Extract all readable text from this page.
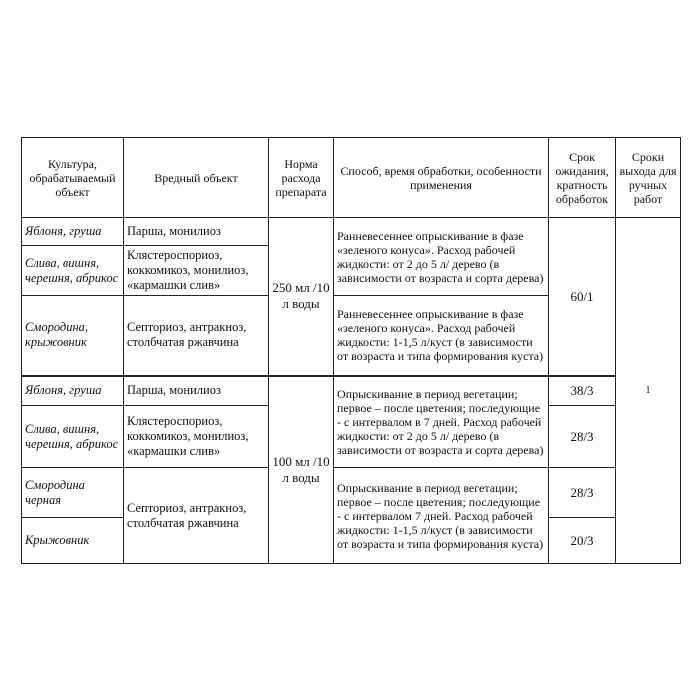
Культура, обрабатываемый объект	Вредный объект	Норма расхода препарата	Способ, время обработки, особенности применения	Срок ожидания, кратность обработок	Сроки выхода для ручных работ
Яблоня, груша	Парша, монилиоз	250 мл /10 л воды	Ранневесеннее опрыскивание в фазе «зеленого конуса». Расход рабочей жидкости: от 2 до 5 л/ дерево (в зависимости от возраста и сорта дерева)	60/1	1
Слива, вишня, черешня, абрикос	Клястероспориоз, коккомикоз, монилиоз, «кармашки слив»				
Смородина, крыжовник	Септориоз, антракноз, столбчатая ржавчина		Ранневесеннее опрыскивание в фазе «зеленого конуса». Расход рабочей жидкости: 1-1,5 л/куст (в зависимости от возраста и типа формирования куста)		
Яблоня, груша	Парша, монилиоз	100 мл /10 л воды	Опрыскивание в период вегетации; первое – после цветения; последующие - с интервалом в 7 дней. Расход рабочей жидкости: от 2 до 5 л/ дерево (в зависимости от возраста и сорта дерева)	38/3	
Слива, вишня, черешня, абрикос	Клястероспориоз, коккомикоз, монилиоз, «кармашки слив»			28/3	
Смородина черная	Септориоз, антракноз, столбчатая ржавчина		Опрыскивание в период вегетации; первое – после цветения; последующие - с интервалом 7 дней. Расход рабочей жидкости: 1-1,5 л/куст (в зависимости от возраста и типа формирования куста)	28/3	
Крыжовник				20/3	
